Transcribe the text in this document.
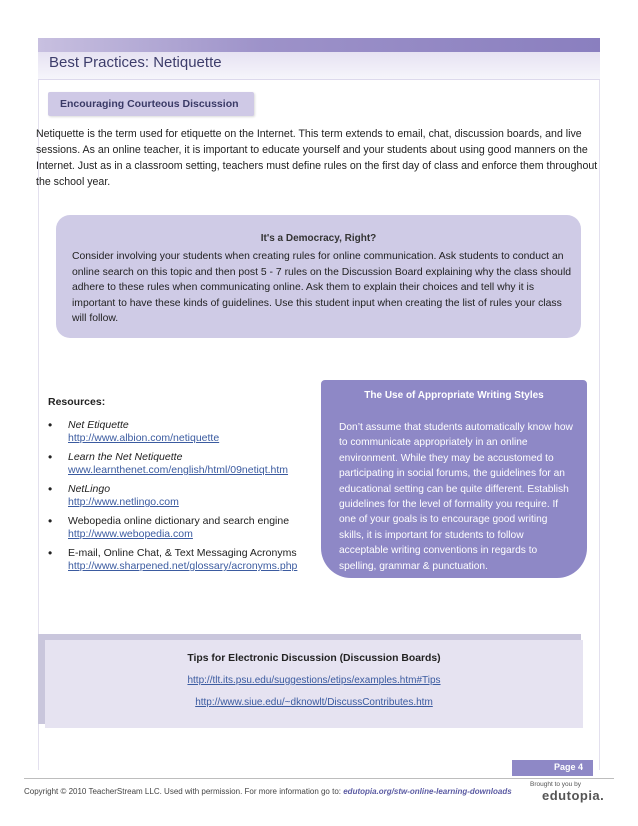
Best Practices: Netiquette
Encouraging Courteous Discussion

Netiquette is the term used for etiquette on the Internet. This term extends to email, chat, discussion boards, and live sessions. As an online teacher, it is important to educate yourself and your students about using good manners on the Internet. Just as in a classroom setting, teachers must define rules on the first day of class and enforce them throughout the school year.

It's a Democracy, Right?

Consider involving your students when creating rules for online communication. Ask students to conduct an online search on this topic and then post 5 - 7 rules on the Discussion Board explaining why the class should adhere to these rules when communicating online. Ask them to explain their choices and tell why it is important to have these kinds of guidelines. Use this student input when creating the list of rules your class will follow.

Resources:
• Net Etiquette
http://www.albion.com/netiquette
• Learn the Net Netiquette
www.learnthenet.com/english/html/09netiqt.htm
• NetLingo
http://www.netlingo.com
• Webopedia online dictionary and search engine
http://www.webopedia.com
• E-mail, Online Chat, & Text Messaging Acronyms
http://www.sharpened.net/glossary/acronyms.php
The Use of Appropriate Writing Styles

Don’t assume that students automatically know how to communicate appropriately in an online environment. While they may be accustomed to participating in social forums, the guidelines for an educational setting can be quite different. Establish guidelines for the level of formality you require. If one of your goals is to encourage good writing skills, it is important for students to follow acceptable writing conventions in regards to spelling, grammar & punctuation.

Tips for Electronic Discussion (Discussion Boards)
http://tlt.its.psu.edu/suggestions/etips/examples.htm#Tips
http://www.siue.edu/~dknowlt/DiscussContributes.htm
Page 4
Copyright © 2010 TeacherStream LLC. Used with permission. For more information go to: edutopia.org/stw-online-learning-downloads
Brought to you by
edutopia.
